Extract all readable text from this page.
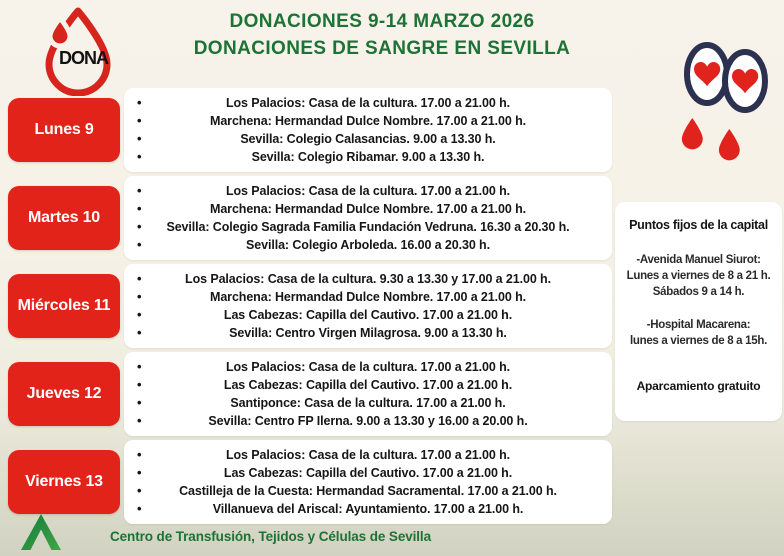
DONA
DONACIONES 9-14 MARZO 2026
DONACIONES DE SANGRE EN SEVILLA
Lunes 9
• Los Palacios: Casa de la cultura. 17.00 a 21.00 h.
• Marchena: Hermandad Dulce Nombre. 17.00 a 21.00 h.
• Sevilla: Colegio Calasancias. 9.00 a 13.30 h.
• Sevilla: Colegio Ribamar. 9.00 a 13.30 h.
Martes 10
• Los Palacios: Casa de la cultura. 17.00 a 21.00 h.
• Marchena: Hermandad Dulce Nombre. 17.00 a 21.00 h.
• Sevilla: Colegio Sagrada Familia Fundación Vedruna. 16.30 a 20.30 h.
• Sevilla: Colegio Arboleda. 16.00 a 20.30 h.
Miércoles 11
• Los Palacios: Casa de la cultura. 9.30 a 13.30 y 17.00 a 21.00 h.
• Marchena: Hermandad Dulce Nombre. 17.00 a 21.00 h.
• Las Cabezas: Capilla del Cautivo. 17.00 a 21.00 h.
• Sevilla: Centro Virgen Milagrosa. 9.00 a 13.30 h.
Jueves 12
• Los Palacios: Casa de la cultura. 17.00 a 21.00 h.
• Las Cabezas: Capilla del Cautivo. 17.00 a 21.00 h.
• Santiponce: Casa de la cultura. 17.00 a 21.00 h.
• Sevilla: Centro FP Ilerna. 9.00 a 13.30 y 16.00 a 20.00 h.
Viernes 13
• Los Palacios: Casa de la cultura. 17.00 a 21.00 h.
• Las Cabezas: Capilla del Cautivo. 17.00 a 21.00 h.
• Castilleja de la Cuesta: Hermandad Sacramental. 17.00 a 21.00 h.
• Villanueva del Ariscal: Ayuntamiento. 17.00 a 21.00 h.
Puntos fijos de la capital
-Avenida Manuel Siurot:
Lunes a viernes de 8 a 21 h.
Sábados 9 a 14 h.
-Hospital Macarena:
lunes a viernes de 8 a 15h.
Aparcamiento gratuito
Centro de Transfusión, Tejidos y Células de Sevilla
